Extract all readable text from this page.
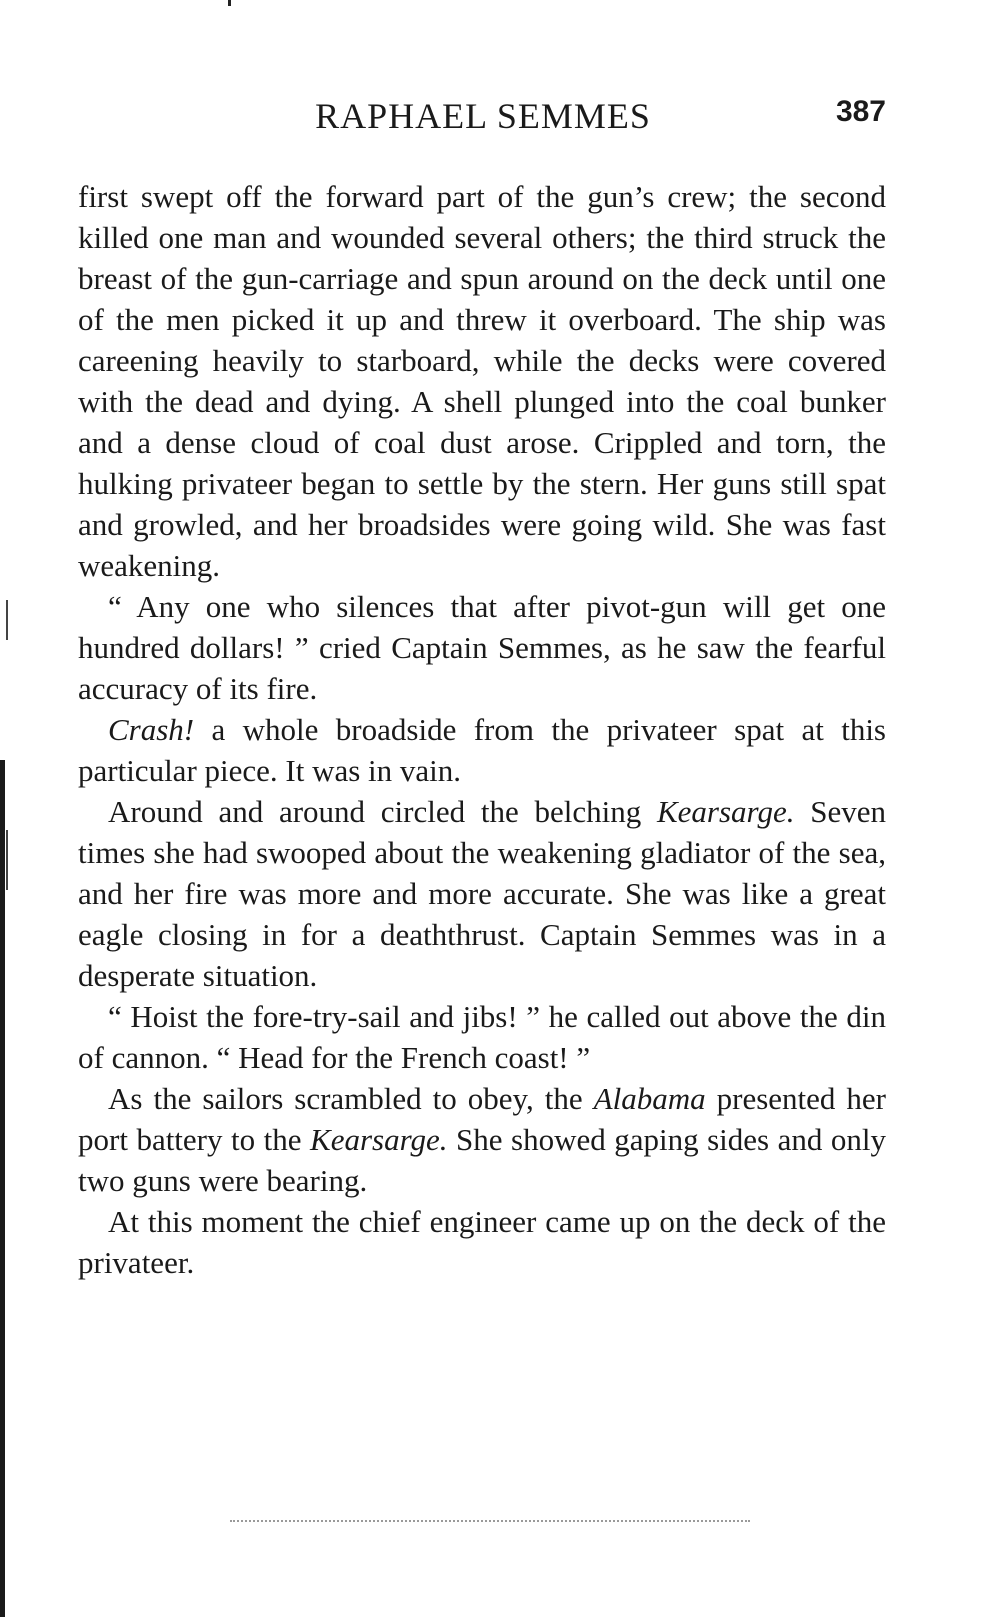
RAPHAEL SEMMES	387

first swept off the forward part of the gun’s crew; the second killed one man and wounded several others; the third struck the breast of the gun-carriage and spun around on the deck until one of the men picked it up and threw it overboard. The ship was careening heavily to starboard, while the decks were covered with the dead and dying. A shell plunged into the coal bunker and a dense cloud of coal dust arose. Crippled and torn, the hulking privateer began to settle by the stern. Her guns still spat and growled, and her broadsides were going wild. She was fast weakening.

“ Any one who silences that after pivot-gun will get one hundred dollars! ” cried Captain Semmes, as he saw the fearful accuracy of its fire.

Crash! a whole broadside from the privateer spat at this particular piece. It was in vain.

Around and around circled the belching Kearsarge. Seven times she had swooped about the weakening gladiator of the sea, and her fire was more and more accurate. She was like a great eagle closing in for a deaththrust. Captain Semmes was in a desperate situation.

“ Hoist the fore-try-sail and jibs! ” he called out above the din of cannon. “ Head for the French coast! ”

As the sailors scrambled to obey, the Alabama presented her port battery to the Kearsarge. She showed gaping sides and only two guns were bearing.

At this moment the chief engineer came up on the deck of the privateer.
